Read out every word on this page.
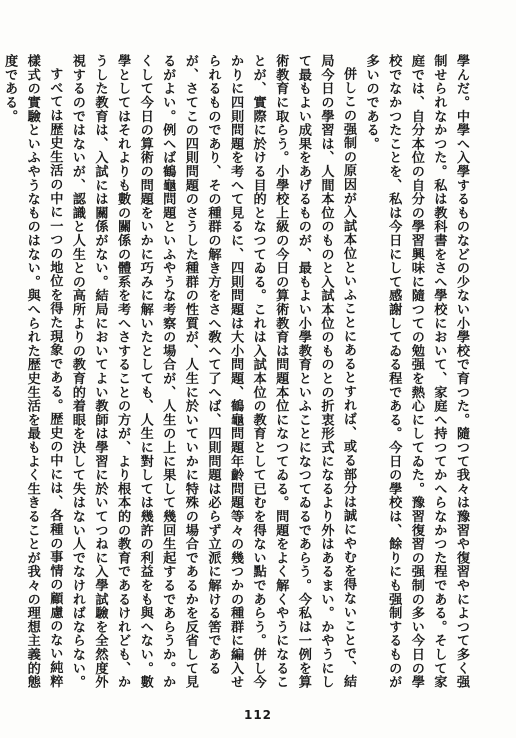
學んだ。中學へ入學するものなどの少ない小學校で育つた。隨つて我々は豫習や復習やによつて多く强制せられなかつた。私は教科書をさへ學校において、家庭へ持つてかへらなかつた程である。そして家庭では、自分本位の自分の學習興味に隨つての勉强を熱心にしてゐた。豫習復習の强制の多い今日の學校でなかつたことを、私は今日にして感謝してゐる程である。今日の學校は、餘りにも强制するものが多いのである。

併しこの强制の原因が入試本位といふことにあるとすれば、或る部分は誠にやむを得ないことで、結局今日の學習は、人間本位のものと入試本位のものとの折衷形式になるより外はあるまい。かやうにして最もよい成果をあげるものが、最もよい小學教育といふことになつてゐるであらう。今私は一例を算術教育に取らう。小學校上級の今日の算術教育は問題本位になつてゐる。問題をよく解くやうになることが、實際に於ける目的となつてゐる。これは入試本位の教育として已むを得ない點であらう。併し今かりに四則問題を考へて見るに、四則問題は大小問題、鶴龜問題年齡問題等々の幾つかの種群に編入せられるものであり、その種群の解き方をさへ敎へて了へば、四則問題は必らず立派に解ける筈であるが、さてこの四則問題のさうした種群の性質が、人生に於いていかに特殊の場合であるかを反省して見るがよい。例へば鶴龜問題といふやうな考察の場合が、人生の上に果して幾回生起するであらうか。かくして今日の算術の問題をいかに巧みに解いたとしても、人生に對しては幾許の利益をも與へない。數學としてはそれよりも數の關係の體系を考へさすることの方が、より根本的の教育であるけれども、かうした教育は、入試には關係がない。結局においてよい教師は學習に於いてつねに入學試驗を全然度外視するのではないが、認識と人生との高所よりの教育的着眼を決して失はない人でなければならない。

すべては歴史生活の中に一つの地位を得た現象である。歴史の中には、各種の事情の顧慮のない純粹樣式の實驗といふやうなものはない。與へられた歴史生活を最もよく生きることが我々の理想主義的態度である。

112
